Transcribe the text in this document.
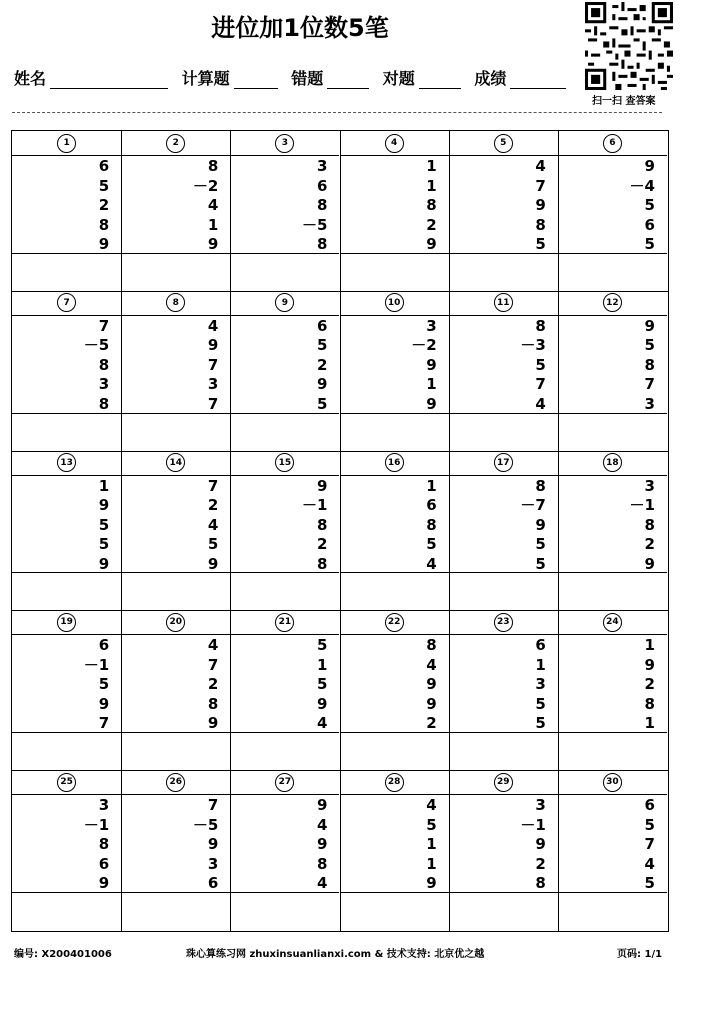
进位加1位数5笔
扫一扫 查答案
姓名	计算题	错题	对题	成绩
1
6
5
2
8
9
2
8
－2
4
1
9
3
3
6
8
－5
8
4
1
1
8
2
9
5
4
7
9
8
5
6
9
－4
5
6
5
7
7
－5
8
3
8
8
4
9
7
3
7
9
6
5
2
9
5
10
3
－2
9
1
9
11
8
－3
5
7
4
12
9
5
8
7
3
13
1
9
5
5
9
14
7
2
4
5
9
15
9
－1
8
2
8
16
1
6
8
5
4
17
8
－7
9
5
5
18
3
－1
8
2
9
19
6
－1
5
9
7
20
4
7
2
8
9
21
5
1
5
9
4
22
8
4
9
9
2
23
6
1
3
5
5
24
1
9
2
8
1
25
3
－1
8
6
9
26
7
－5
9
3
6
27
9
4
9
8
4
28
4
5
1
1
9
29
3
－1
9
2
8
30
6
5
7
4
5
编号: X200401006	珠心算练习网 zhuxinsuanlianxi.com & 技术支持: 北京优之越	页码: 1/1
